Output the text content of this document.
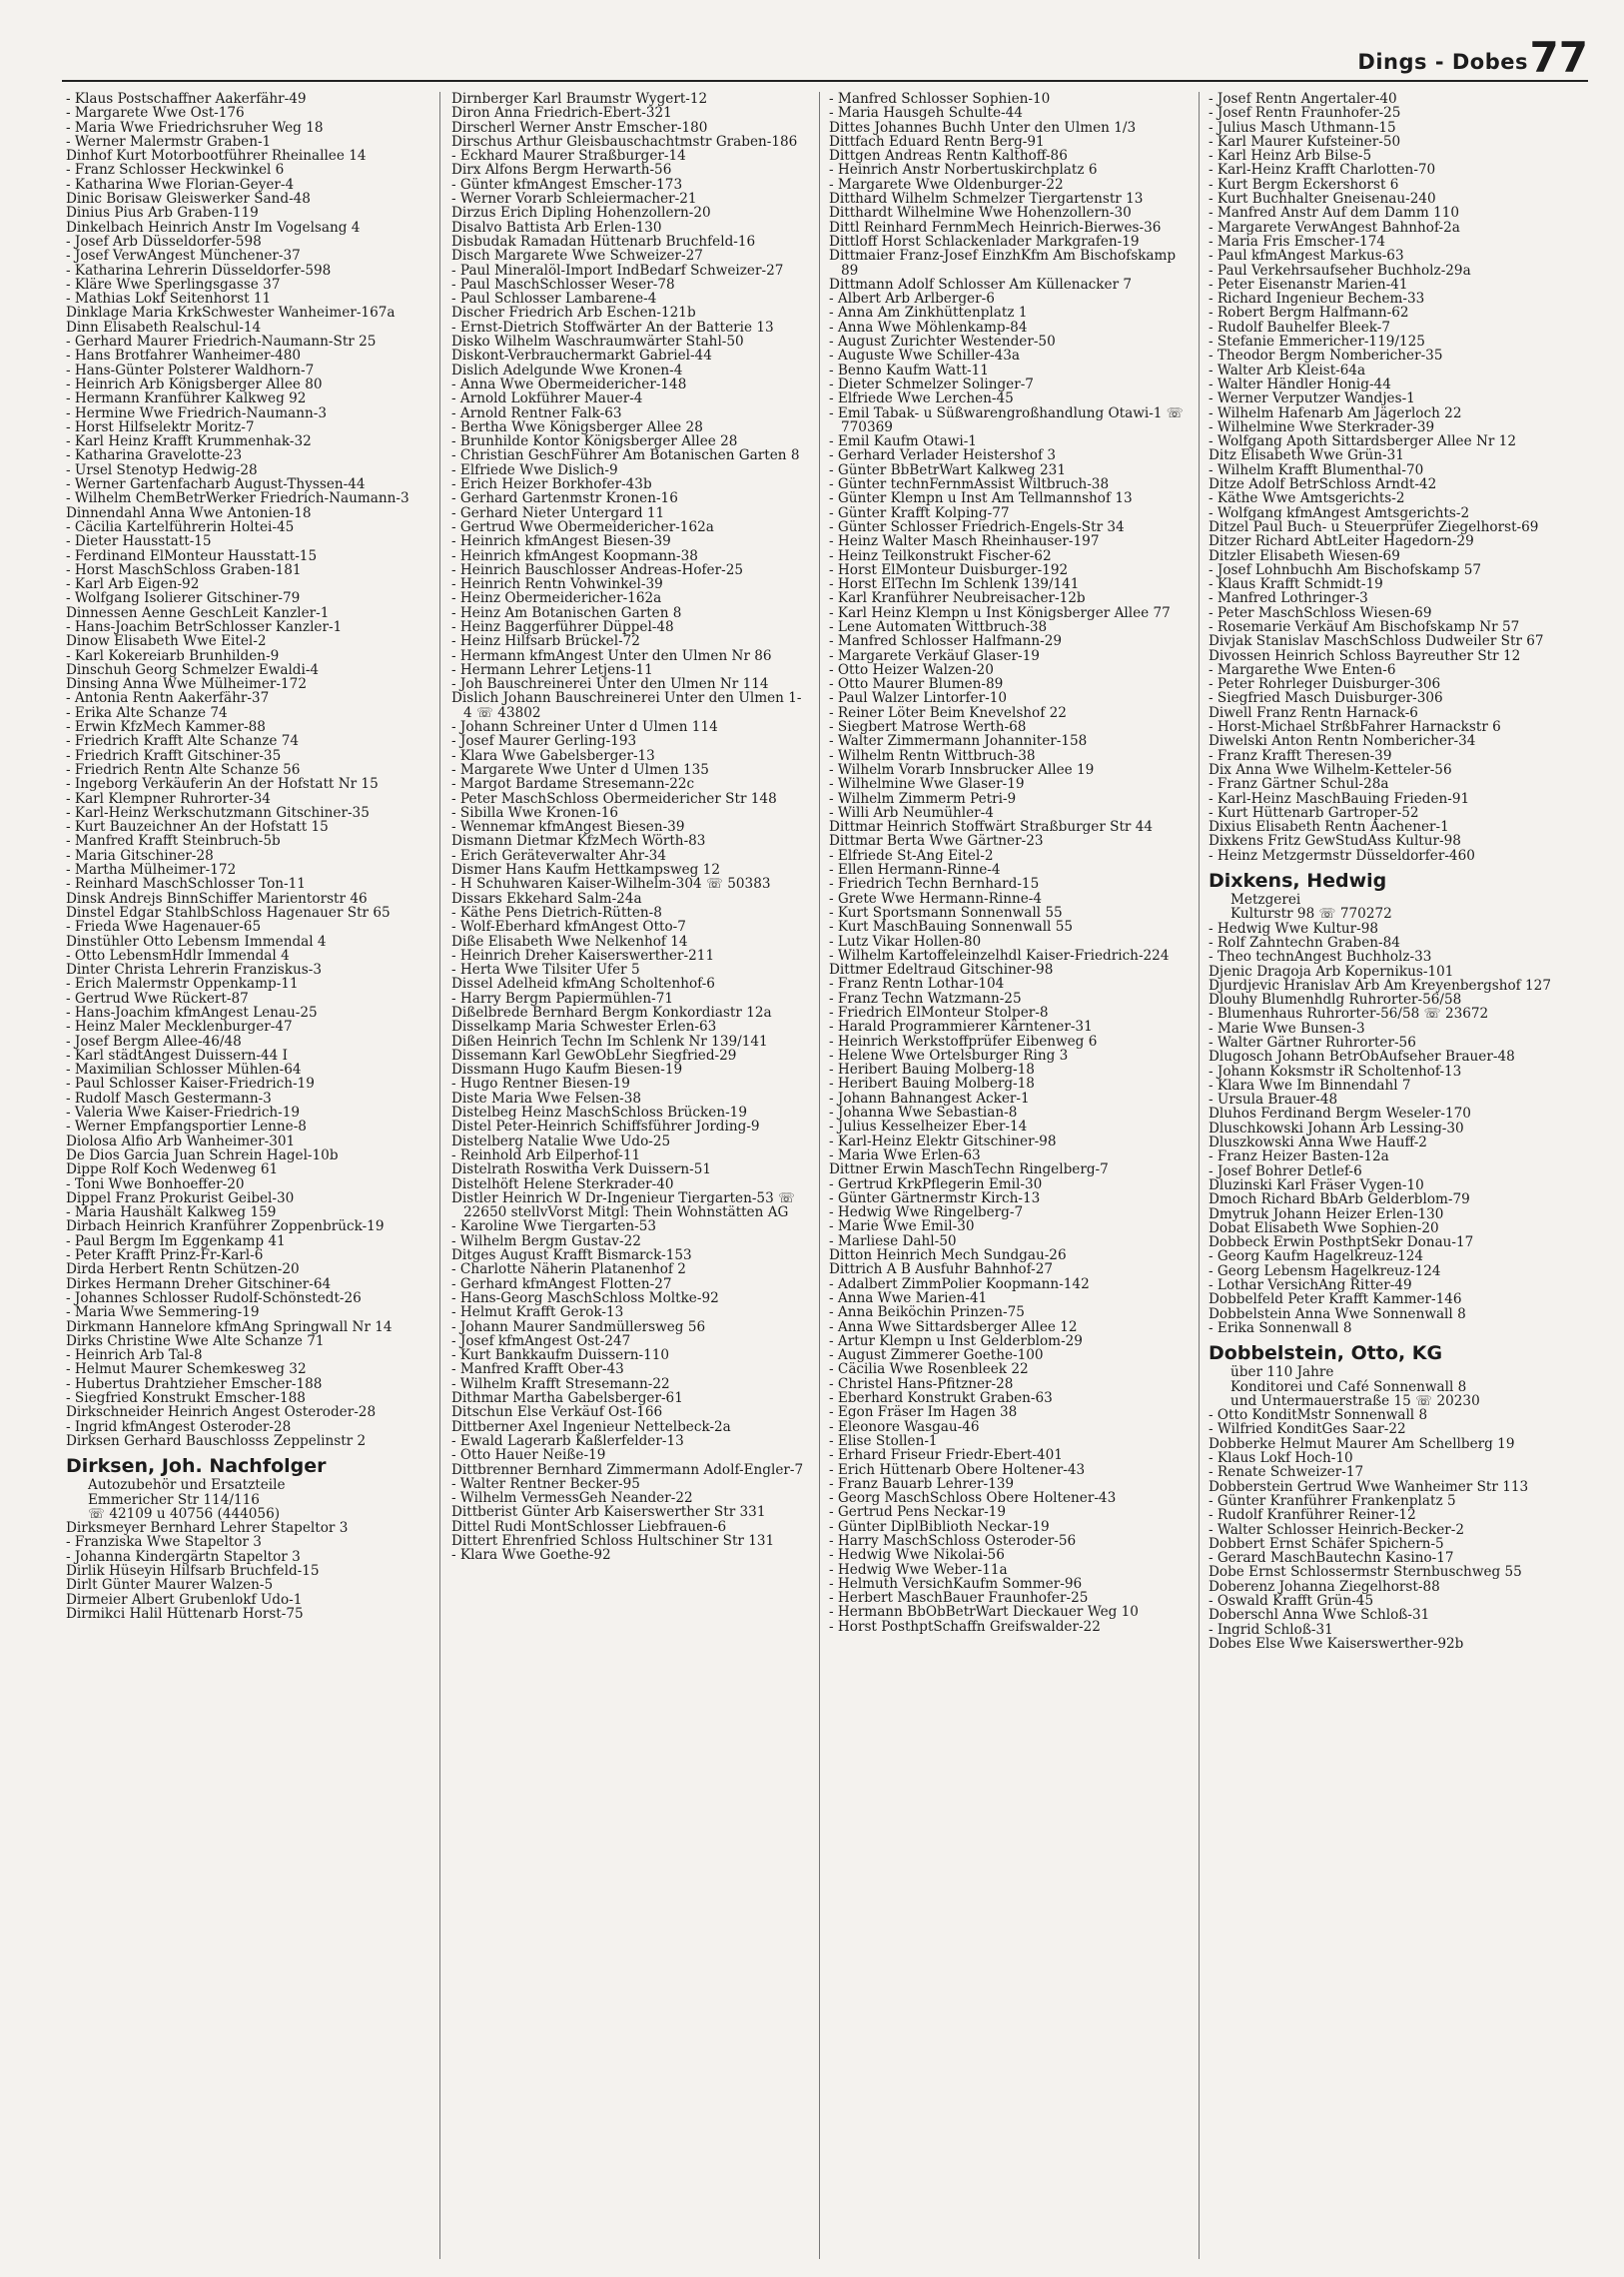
Dings - Dobes 77

- Klaus Postschaffner Aakerfähr-49

- Margarete Wwe Ost-176

- Maria Wwe Friedrichsruher Weg 18

- Werner Malermstr Graben-1

Dinhof Kurt Motorbootführer Rheinallee 14

- Franz Schlosser Heckwinkel 6

- Katharina Wwe Florian-Geyer-4

Dinic Borisaw Gleiswerker Sand-48

Dinius Pius Arb Graben-119

Dinkelbach Heinrich Anstr Im Vogelsang 4

- Josef Arb Düsseldorfer-598

- Josef VerwAngest Münchener-37

- Katharina Lehrerin Düsseldorfer-598

- Kläre Wwe Sperlingsgasse 37

- Mathias Lokf Seitenhorst 11

Dinklage Maria KrkSchwester Wanheimer-167a

Dinn Elisabeth Realschul-14

- Gerhard Maurer Friedrich-Naumann-Str 25

- Hans Brotfahrer Wanheimer-480

- Hans-Günter Polsterer Waldhorn-7

- Heinrich Arb Königsberger Allee 80

- Hermann Kranführer Kalkweg 92

- Hermine Wwe Friedrich-Naumann-3

- Horst Hilfselektr Moritz-7

- Karl Heinz Krafft Krummenhak-32

- Katharina Gravelotte-23

- Ursel Stenotyp Hedwig-28

- Werner Gartenfacharb August-Thyssen-44

- Wilhelm ChemBetrWerker Friedrich-Naumann-3

Dinnendahl Anna Wwe Antonien-18

- Cäcilia Kartelführerin Holtei-45

- Dieter Hausstatt-15

- Ferdinand ElMonteur Hausstatt-15

- Horst MaschSchloss Graben-181

- Karl Arb Eigen-92

- Wolfgang Isolierer Gitschiner-79

Dinnessen Aenne GeschLeit Kanzler-1

- Hans-Joachim BetrSchlosser Kanzler-1

Dinow Elisabeth Wwe Eitel-2

- Karl Kokereiarb Brunhilden-9

Dinschuh Georg Schmelzer Ewaldi-4

Dinsing Anna Wwe Mülheimer-172

- Antonia Rentn Aakerfähr-37

- Erika Alte Schanze 74

- Erwin KfzMech Kammer-88

- Friedrich Krafft Alte Schanze 74

- Friedrich Krafft Gitschiner-35

- Friedrich Rentn Alte Schanze 56

- Ingeborg Verkäuferin An der Hofstatt Nr 15

- Karl Klempner Ruhrorter-34

- Karl-Heinz Werkschutzmann Gitschiner-35

- Kurt Bauzeichner An der Hofstatt 15

- Manfred Krafft Steinbruch-5b

- Maria Gitschiner-28

- Martha Mülheimer-172

- Reinhard MaschSchlosser Ton-11

Dinsk Andrejs BinnSchiffer Marientorstr 46

Dinstel Edgar StahlbSchloss Hagenauer Str 65

- Frieda Wwe Hagenauer-65

Dinstühler Otto Lebensm Immendal 4

- Otto LebensmHdlr Immendal 4

Dinter Christa Lehrerin Franziskus-3

- Erich Malermstr Oppenkamp-11

- Gertrud Wwe Rückert-87

- Hans-Joachim kfmAngest Lenau-25

- Heinz Maler Mecklenburger-47

- Josef Bergm Allee-46/48

- Karl städtAngest Duissern-44 I

- Maximilian Schlosser Mühlen-64

- Paul Schlosser Kaiser-Friedrich-19

- Rudolf Masch Gestermann-3

- Valeria Wwe Kaiser-Friedrich-19

- Werner Empfangsportier Lenne-8

Diolosa Alfio Arb Wanheimer-301

De Dios Garcia Juan Schrein Hagel-10b

Dippe Rolf Koch Wedenweg 61

- Toni Wwe Bonhoeffer-20

Dippel Franz Prokurist Geibel-30

- Maria Haushält Kalkweg 159

Dirbach Heinrich Kranführer Zoppenbrück-19

- Paul Bergm Im Eggenkamp 41

- Peter Krafft Prinz-Fr-Karl-6

Dirda Herbert Rentn Schützen-20

Dirkes Hermann Dreher Gitschiner-64

- Johannes Schlosser Rudolf-Schönstedt-26

- Maria Wwe Semmering-19

Dirkmann Hannelore kfmAng Springwall Nr 14

Dirks Christine Wwe Alte Schanze 71

- Heinrich Arb Tal-8

- Helmut Maurer Schemkesweg 32

- Hubertus Drahtzieher Emscher-188

- Siegfried Konstrukt Emscher-188

Dirkschneider Heinrich Angest Osteroder-28

- Ingrid kfmAngest Osteroder-28

Dirksen Gerhard Bauschlosss Zeppelinstr 2

Dirksen, Joh. Nachfolger

Autozubehör und Ersatzteile

Emmericher Str 114/116

☏ 42109 u 40756 (444056)

Dirksmeyer Bernhard Lehrer Stapeltor 3

- Franziska Wwe Stapeltor 3

- Johanna Kindergärtn Stapeltor 3

Dirlik Hüseyin Hilfsarb Bruchfeld-15

Dirlt Günter Maurer Walzen-5

Dirmeier Albert Grubenlokf Udo-1

Dirmikci Halil Hüttenarb Horst-75

Dirnberger Karl Braumstr Wygert-12

Diron Anna Friedrich-Ebert-321

Dirscherl Werner Anstr Emscher-180

Dirschus Arthur Gleisbauschachtmstr Graben-186

- Eckhard Maurer Straßburger-14

Dirx Alfons Bergm Herwarth-56

- Günter kfmAngest Emscher-173

- Werner Vorarb Schleiermacher-21

Dirzus Erich Dipling Hohenzollern-20

Disalvo Battista Arb Erlen-130

Disbudak Ramadan Hüttenarb Bruchfeld-16

Disch Margarete Wwe Schweizer-27

- Paul Mineralöl-Import IndBedarf Schweizer-27

- Paul MaschSchlosser Weser-78

- Paul Schlosser Lambarene-4

Discher Friedrich Arb Eschen-121b

- Ernst-Dietrich Stoffwärter An der Batterie 13

Disko Wilhelm Waschraumwärter Stahl-50

Diskont-Verbrauchermarkt Gabriel-44

Dislich Adelgunde Wwe Kronen-4

- Anna Wwe Obermeidericher-148

- Arnold Lokführer Mauer-4

- Arnold Rentner Falk-63

- Bertha Wwe Königsberger Allee 28

- Brunhilde Kontor Königsberger Allee 28

- Christian GeschFührer Am Botanischen Garten 8

- Elfriede Wwe Dislich-9

- Erich Heizer Borkhofer-43b

- Gerhard Gartenmstr Kronen-16

- Gerhard Nieter Untergard 11

- Gertrud Wwe Obermeidericher-162a

- Heinrich kfmAngest Biesen-39

- Heinrich kfmAngest Koopmann-38

- Heinrich Bauschlosser Andreas-Hofer-25

- Heinrich Rentn Vohwinkel-39

- Heinz Obermeidericher-162a

- Heinz Am Botanischen Garten 8

- Heinz Baggerführer Düppel-48

- Heinz Hilfsarb Brückel-72

- Hermann kfmAngest Unter den Ulmen Nr 86

- Hermann Lehrer Letjens-11

- Joh Bauschreinerei Unter den Ulmen Nr 114

Dislich Johann Bauschreinerei Unter den Ulmen 1-4 ☏ 43802

- Johann Schreiner Unter d Ulmen 114

- Josef Maurer Gerling-193

- Klara Wwe Gabelsberger-13

- Margarete Wwe Unter d Ulmen 135

- Margot Bardame Stresemann-22c

- Peter MaschSchloss Obermeidericher Str 148

- Sibilla Wwe Kronen-16

- Wennemar kfmAngest Biesen-39

Dismann Dietmar KfzMech Wörth-83

- Erich Geräteverwalter Ahr-34

Dismer Hans Kaufm Hettkampsweg 12

- H Schuhwaren Kaiser-Wilhelm-304 ☏ 50383

Dissars Ekkehard Salm-24a

- Käthe Pens Dietrich-Rütten-8

- Wolf-Eberhard kfmAngest Otto-7

Diße Elisabeth Wwe Nelkenhof 14

- Heinrich Dreher Kaiserswerther-211

- Herta Wwe Tilsiter Ufer 5

Dissel Adelheid kfmAng Scholtenhof-6

- Harry Bergm Papiermühlen-71

Dißelbrede Bernhard Bergm Konkordiastr 12a

Disselkamp Maria Schwester Erlen-63

Dißen Heinrich Techn Im Schlenk Nr 139/141

Dissemann Karl GewObLehr Siegfried-29

Dissmann Hugo Kaufm Biesen-19

- Hugo Rentner Biesen-19

Diste Maria Wwe Felsen-38

Distelbeg Heinz MaschSchloss Brücken-19

Distel Peter-Heinrich Schiffsführer Jording-9

Distelberg Natalie Wwe Udo-25

- Reinhold Arb Eilperhof-11

Distelrath Roswitha Verk Duissern-51

Distelhöft Helene Sterkrader-40

Distler Heinrich W Dr-Ingenieur Tiergarten-53 ☏ 22650 stellvVorst Mitgl: Thein Wohnstätten AG

- Karoline Wwe Tiergarten-53

- Wilhelm Bergm Gustav-22

Ditges August Krafft Bismarck-153

- Charlotte Näherin Platanenhof 2

- Gerhard kfmAngest Flotten-27

- Hans-Georg MaschSchloss Moltke-92

- Helmut Krafft Gerok-13

- Johann Maurer Sandmüllersweg 56

- Josef kfmAngest Ost-247

- Kurt Bankkaufm Duissern-110

- Manfred Krafft Ober-43

- Wilhelm Krafft Stresemann-22

Dithmar Martha Gabelsberger-61

Ditschun Else Verkäuf Ost-166

Dittberner Axel Ingenieur Nettelbeck-2a

- Ewald Lagerarb Kaßlerfelder-13

- Otto Hauer Neiße-19

Dittbrenner Bernhard Zimmermann Adolf-Engler-7

- Walter Rentner Becker-95

- Wilhelm VermessGeh Neander-22

Dittberist Günter Arb Kaiserswerther Str 331

Dittel Rudi MontSchlosser Liebfrauen-6

Dittert Ehrenfried Schloss Hultschiner Str 131

- Klara Wwe Goethe-92

- Manfred Schlosser Sophien-10

- Maria Hausgeh Schulte-44

Dittes Johannes Buchh Unter den Ulmen 1/3

Dittfach Eduard Rentn Berg-91

Dittgen Andreas Rentn Kalthoff-86

- Heinrich Anstr Norbertuskirchplatz 6

- Margarete Wwe Oldenburger-22

Ditthard Wilhelm Schmelzer Tiergartenstr 13

Ditthardt Wilhelmine Wwe Hohenzollern-30

Dittl Reinhard FernmMech Heinrich-Bierwes-36

Dittloff Horst Schlackenlader Markgrafen-19

Dittmaier Franz-Josef EinzhKfm Am Bischofskamp 89

Dittmann Adolf Schlosser Am Küllenacker 7

- Albert Arb Arlberger-6

- Anna Am Zinkhüttenplatz 1

- Anna Wwe Möhlenkamp-84

- August Zurichter Westender-50

- Auguste Wwe Schiller-43a

- Benno Kaufm Watt-11

- Dieter Schmelzer Solinger-7

- Elfriede Wwe Lerchen-45

- Emil Tabak- u Süßwarengroßhandlung Otawi-1 ☏ 770369

- Emil Kaufm Otawi-1

- Gerhard Verlader Heistershof 3

- Günter BbBetrWart Kalkweg 231

- Günter technFernmAssist Wiltbruch-38

- Günter Klempn u Inst Am Tellmannshof 13

- Günter Krafft Kolping-77

- Günter Schlosser Friedrich-Engels-Str 34

- Heinz Walter Masch Rheinhauser-197

- Heinz Teilkonstrukt Fischer-62

- Horst ElMonteur Duisburger-192

- Horst ElTechn Im Schlenk 139/141

- Karl Kranführer Neubreisacher-12b

- Karl Heinz Klempn u Inst Königsberger Allee 77

- Lene Automaten Wittbruch-38

- Manfred Schlosser Halfmann-29

- Margarete Verkäuf Glaser-19

- Otto Heizer Walzen-20

- Otto Maurer Blumen-89

- Paul Walzer Lintorfer-10

- Reiner Löter Beim Knevelshof 22

- Siegbert Matrose Werth-68

- Walter Zimmermann Johanniter-158

- Wilhelm Rentn Wittbruch-38

- Wilhelm Vorarb Innsbrucker Allee 19

- Wilhelmine Wwe Glaser-19

- Wilhelm Zimmerm Petri-9

- Willi Arb Neumühler-4

Dittmar Heinrich Stoffwärt Straßburger Str 44

Dittmar Berta Wwe Gärtner-23

- Elfriede St-Ang Eitel-2

- Ellen Hermann-Rinne-4

- Friedrich Techn Bernhard-15

- Grete Wwe Hermann-Rinne-4

- Kurt Sportsmann Sonnenwall 55

- Kurt MaschBauing Sonnenwall 55

- Lutz Vikar Hollen-80

- Wilhelm Kartoffeleinzelhdl Kaiser-Friedrich-224

Dittmer Edeltraud Gitschiner-98

- Franz Rentn Lothar-104

- Franz Techn Watzmann-25

- Friedrich ElMonteur Stolper-8

- Harald Programmierer Kärntener-31

- Heinrich Werkstoffprüfer Eibenweg 6

- Helene Wwe Ortelsburger Ring 3

- Heribert Bauing Molberg-18

- Heribert Bauing Molberg-18

- Johann Bahnangest Acker-1

- Johanna Wwe Sebastian-8

- Julius Kesselheizer Eber-14

- Karl-Heinz Elektr Gitschiner-98

- Maria Wwe Erlen-63

Dittner Erwin MaschTechn Ringelberg-7

- Gertrud KrkPflegerin Emil-30

- Günter Gärtnermstr Kirch-13

- Hedwig Wwe Ringelberg-7

- Marie Wwe Emil-30

- Marliese Dahl-50

Ditton Heinrich Mech Sundgau-26

Dittrich A B Ausfuhr Bahnhof-27

- Adalbert ZimmPolier Koopmann-142

- Anna Wwe Marien-41

- Anna Beiköchin Prinzen-75

- Anna Wwe Sittardsberger Allee 12

- Artur Klempn u Inst Gelderblom-29

- August Zimmerer Goethe-100

- Cäcilia Wwe Rosenbleek 22

- Christel Hans-Pfitzner-28

- Eberhard Konstrukt Graben-63

- Egon Fräser Im Hagen 38

- Eleonore Wasgau-46

- Elise Stollen-1

- Erhard Friseur Friedr-Ebert-401

- Erich Hüttenarb Obere Holtener-43

- Franz Bauarb Lehrer-139

- Georg MaschSchloss Obere Holtener-43

- Gertrud Pens Neckar-19

- Günter DiplBiblioth Neckar-19

- Harry MaschSchloss Osteroder-56

- Hedwig Wwe Nikolai-56

- Hedwig Wwe Weber-11a

- Helmuth VersichKaufm Sommer-96

- Herbert MaschBauer Fraunhofer-25

- Hermann BbObBetrWart Dieckauer Weg 10

- Horst PosthptSchaffn Greifswalder-22

- Josef Rentn Angertaler-40

- Josef Rentn Fraunhofer-25

- Julius Masch Uthmann-15

- Karl Maurer Kufsteiner-50

- Karl Heinz Arb Bilse-5

- Karl-Heinz Krafft Charlotten-70

- Kurt Bergm Eckershorst 6

- Kurt Buchhalter Gneisenau-240

- Manfred Anstr Auf dem Damm 110

- Margarete VerwAngest Bahnhof-2a

- Maria Fris Emscher-174

- Paul kfmAngest Markus-63

- Paul Verkehrsaufseher Buchholz-29a

- Peter Eisenanstr Marien-41

- Richard Ingenieur Bechem-33

- Robert Bergm Halfmann-62

- Rudolf Bauhelfer Bleek-7

- Stefanie Emmericher-119/125

- Theodor Bergm Nombericher-35

- Walter Arb Kleist-64a

- Walter Händler Honig-44

- Werner Verputzer Wandjes-1

- Wilhelm Hafenarb Am Jägerloch 22

- Wilhelmine Wwe Sterkrader-39

- Wolfgang Apoth Sittardsberger Allee Nr 12

Ditz Elisabeth Wwe Grün-31

- Wilhelm Krafft Blumenthal-70

Ditze Adolf BetrSchloss Arndt-42

- Käthe Wwe Amtsgerichts-2

- Wolfgang kfmAngest Amtsgerichts-2

Ditzel Paul Buch- u Steuerprüfer Ziegelhorst-69

Ditzer Richard AbtLeiter Hagedorn-29

Ditzler Elisabeth Wiesen-69

- Josef Lohnbuchh Am Bischofskamp 57

- Klaus Krafft Schmidt-19

- Manfred Lothringer-3

- Peter MaschSchloss Wiesen-69

- Rosemarie Verkäuf Am Bischofskamp Nr 57

Divjak Stanislav MaschSchloss Dudweiler Str 67

Divossen Heinrich Schloss Bayreuther Str 12

- Margarethe Wwe Enten-6

- Peter Rohrleger Duisburger-306

- Siegfried Masch Duisburger-306

Diwell Franz Rentn Harnack-6

- Horst-Michael StrßbFahrer Harnackstr 6

Diwelski Anton Rentn Nombericher-34

- Franz Krafft Theresen-39

Dix Anna Wwe Wilhelm-Ketteler-56

- Franz Gärtner Schul-28a

- Karl-Heinz MaschBauing Frieden-91

- Kurt Hüttenarb Gartroper-52

Dixius Elisabeth Rentn Aachener-1

Dixkens Fritz GewStudAss Kultur-98

- Heinz Metzgermstr Düsseldorfer-460

Dixkens, Hedwig

Metzgerei

Kulturstr 98 ☏ 770272

- Hedwig Wwe Kultur-98

- Rolf Zahntechn Graben-84

- Theo technAngest Buchholz-33

Djenic Dragoja Arb Kopernikus-101

Djurdjevic Hranislav Arb Am Kreyenbergshof 127

Dlouhy Blumenhdlg Ruhrorter-56/58

- Blumenhaus Ruhrorter-56/58 ☏ 23672

- Marie Wwe Bunsen-3

- Walter Gärtner Ruhrorter-56

Dlugosch Johann BetrObAufseher Brauer-48

- Johann Koksmstr iR Scholtenhof-13

- Klara Wwe Im Binnendahl 7

- Ursula Brauer-48

Dluhos Ferdinand Bergm Weseler-170

Dluschkowski Johann Arb Lessing-30

Dluszkowski Anna Wwe Hauff-2

- Franz Heizer Basten-12a

- Josef Bohrer Detlef-6

Dluzinski Karl Fräser Vygen-10

Dmoch Richard BbArb Gelderblom-79

Dmytruk Johann Heizer Erlen-130

Dobat Elisabeth Wwe Sophien-20

Dobbeck Erwin PosthptSekr Donau-17

- Georg Kaufm Hagelkreuz-124

- Georg Lebensm Hagelkreuz-124

- Lothar VersichAng Ritter-49

Dobbelfeld Peter Krafft Kammer-146

Dobbelstein Anna Wwe Sonnenwall 8

- Erika Sonnenwall 8

Dobbelstein, Otto, KG

über 110 Jahre

Konditorei und Café Sonnenwall 8

und Untermauerstraße 15 ☏ 20230

- Otto KonditMstr Sonnenwall 8

- Wilfried KonditGes Saar-22

Dobberke Helmut Maurer Am Schellberg 19

- Klaus Lokf Hoch-10

- Renate Schweizer-17

Dobberstein Gertrud Wwe Wanheimer Str 113

- Günter Kranführer Frankenplatz 5

- Rudolf Kranführer Reiner-12

- Walter Schlosser Heinrich-Becker-2

Dobbert Ernst Schäfer Spichern-5

- Gerard MaschBautechn Kasino-17

Dobe Ernst Schlossermstr Sternbuschweg 55

Doberenz Johanna Ziegelhorst-88

- Oswald Krafft Grün-45

Doberschl Anna Wwe Schloß-31

- Ingrid Schloß-31

Dobes Else Wwe Kaiserswerther-92b
